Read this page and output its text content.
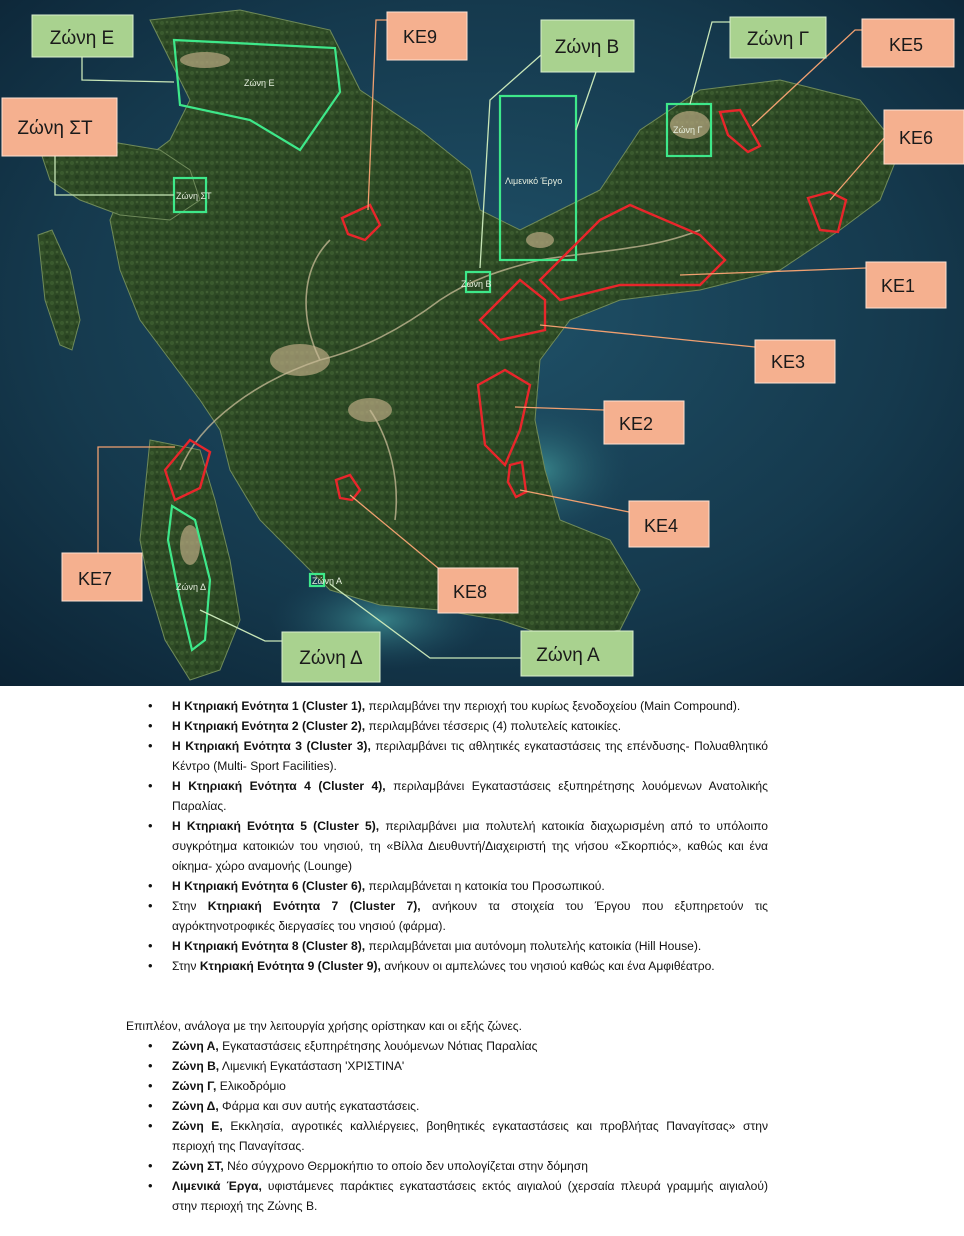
Ζώνη Ε
Ζώνη ΣΤ
Λιμενικό Έργο
Ζώνη Γ
Ζώνη Β
Ζώνη Δ
Ζώνη Α
Ζώνη Ε
Ζώνη ΣΤ
Ζώνη Β	Ζώνη Γ
Ζώνη Δ	Ζώνη Α
ΚΕ9	ΚΕ5
ΚΕ6
ΚΕ1
ΚΕ3
ΚΕ2
ΚΕ4
ΚΕ7
ΚΕ8
• Η Κτηριακή Ενότητα 1 (Cluster 1), περιλαμβάνει την περιοχή του κυρίως ξενοδοχείου (Main Compound).
• Η Κτηριακή Ενότητα 2 (Cluster 2), περιλαμβάνει τέσσερις (4) πολυτελείς κατοικίες.
• Η Κτηριακή Ενότητα 3 (Cluster 3), περιλαμβάνει τις αθλητικές εγκαταστάσεις της επένδυσης- Πολυαθλητικό Κέντρο (Multi- Sport Facilities).
• Η Κτηριακή Ενότητα 4 (Cluster 4), περιλαμβάνει Εγκαταστάσεις εξυπηρέτησης λουόμενων Ανατολικής Παραλίας.
• Η Κτηριακή Ενότητα 5 (Cluster 5), περιλαμβάνει μια πολυτελή κατοικία διαχωρισμένη από το υπόλοιπο συγκρότημα κατοικιών του νησιού, τη «Βίλλα Διευθυντή/Διαχειριστή της νήσου «Σκορπιός», καθώς και ένα οίκημα- χώρο αναμονής (Lounge)
• Η Κτηριακή Ενότητα 6 (Cluster 6), περιλαμβάνεται η κατοικία του Προσωπικού.
• Στην Κτηριακή Ενότητα 7 (Cluster 7), ανήκουν τα στοιχεία του Έργου που εξυπηρετούν τις αγρόκτηνοτροφικές διεργασίες του νησιού (φάρμα).
• Η Κτηριακή Ενότητα 8 (Cluster 8), περιλαμβάνεται μια αυτόνομη πολυτελής κατοικία (Hill House).
• Στην Κτηριακή Ενότητα 9 (Cluster 9), ανήκουν οι αμπελώνες του νησιού καθώς και ένα Αμφιθέατρο.
Επιπλέον, ανάλογα με την λειτουργία χρήσης ορίστηκαν και οι εξής ζώνες.
• Ζώνη Α, Εγκαταστάσεις εξυπηρέτησης λουόμενων Νότιας Παραλίας
• Ζώνη Β, Λιμενική Εγκατάσταση 'ΧΡΙΣΤΙΝΑ'
• Ζώνη Γ, Ελικοδρόμιο
• Ζώνη Δ, Φάρμα και συν αυτής εγκαταστάσεις.
• Ζώνη Ε, Εκκλησία, αγροτικές καλλιέργειες, βοηθητικές εγκαταστάσεις και προβλήτας Παναγίτσας» στην περιοχή της Παναγίτσας.
• Ζώνη ΣΤ, Νέο σύγχρονο Θερμοκήπιο το οποίο δεν υπολογίζεται στην δόμηση
• Λιμενικά Έργα, υφιστάμενες παράκτιες εγκαταστάσεις εκτός αιγιαλού (χερσαία πλευρά γραμμής αιγιαλού) στην περιοχή της Ζώνης Β.
